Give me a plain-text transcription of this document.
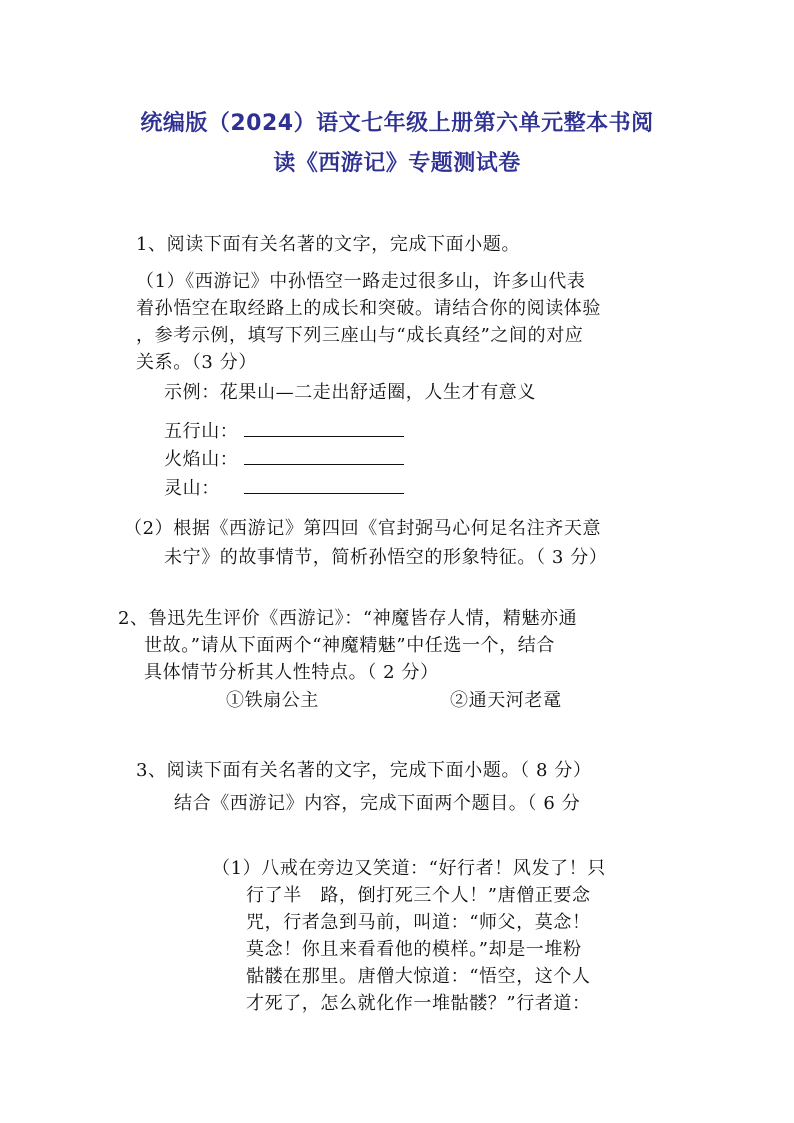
统编版（2024）语文七年级上册第六单元整本书阅
读《西游记》专题测试卷
1、阅读下面有关名著的文字，完成下面小题。
（1）《西游记》中孙悟空一路走过很多山，许多山代表
着孙悟空在取经路上的成长和突破。请结合你的阅读体验
，参考示例，填写下列三座山与“成长真经”之间的对应
关系。（3 分）
示例：花果山—二走出舒适圈，人生才有意义
五行山：
火焰山：
灵山：
（2）根据《西游记》第四回《官封弼马心何足名注齐天意
未宁》的故事情节，简析孙悟空的形象特征。（ 3 分）
2、鲁迅先生评价《西游记》：“神魔皆存人情，精魅亦通
世故。”请从下面两个“神魔精魅”中任选一个，结合
具体情节分析其人性特点。（ 2 分）
①铁扇公主	②通天河老鼋
3、阅读下面有关名著的文字，完成下面小题。（ 8 分）
结合《西游记》内容，完成下面两个题目。（ 6 分
（1）八戒在旁边又笑道：“好行者！风发了！只
行了半　路，倒打死三个人！”唐僧正要念
咒，行者急到马前，叫道：“师父，莫念！
莫念！你且来看看他的模样。”却是一堆粉
骷髅在那里。唐僧大惊道：“悟空，这个人
才死了，怎么就化作一堆骷髅？”行者道：
